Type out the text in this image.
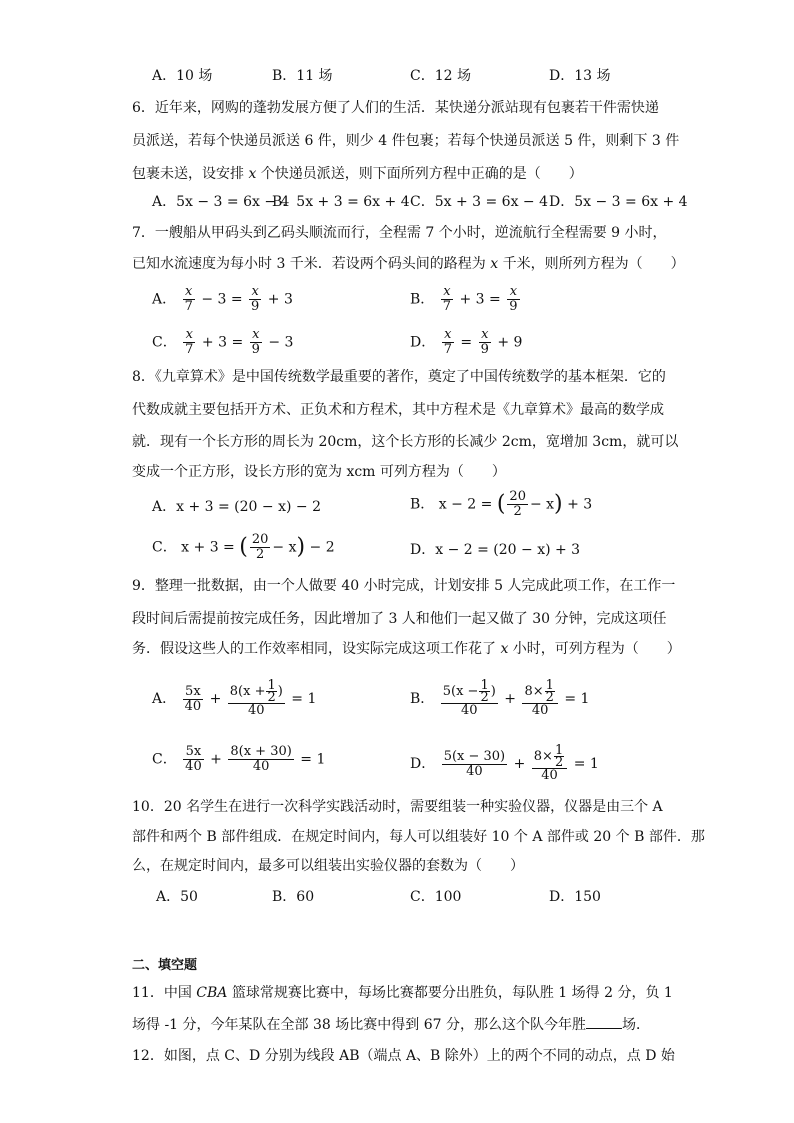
A．10 场	B．11 场	C．12 场	D．13 场
6．近年来，网购的蓬勃发展方便了人们的生活．某快递分派站现有包裹若干件需快递
员派送，若每个快递员派送 6 件，则少 4 件包裹；若每个快递员派送 5 件，则剩下 3 件
包裹未送，设安排 x 个快递员派送，则下面所列方程中正确的是（　　）
A．5x − 3 = 6x − 4
B．5x + 3 = 6x + 4 C．5x + 3 = 6x − 4 D．5x − 3 = 6x + 4
7．一艘船从甲码头到乙码头顺流而行，全程需 7 个小时，逆流航行全程需要 9 小时，
已知水流速度为每小时 3 千米．若设两个码头间的路程为 x 千米，则所列方程为（　　）
A． $\frac{x}{7} - 3 = \frac{x}{9} + 3$	B． $\frac{x}{7} + 3 = \frac{x}{9}$
C． $\frac{x}{7} + 3 = \frac{x}{9} - 3$	D． $\frac{x}{7} = \frac{x}{9} + 9$
8．《九章算术》是中国传统数学最重要的著作，奠定了中国传统数学的基本框架．它的
代数成就主要包括开方术、正负术和方程术，其中方程术是《九章算术》最高的数学成
就．现有一个长方形的周长为 20cm，这个长方形的长减少 2cm，宽增加 3cm，就可以
变成一个正方形，设长方形的宽为 xcm 可列方程为（　　）
A．x + 3 = (20 − x) − 2	B． x − 2 = ( $\frac{20}{2} - x) + 3$
C． x + 3 = ( $\frac{20}{2} - x) - 2$	D．x − 2 = (20 − x) + 3
9．整理一批数据，由一个人做要 40 小时完成，计划安排 5 人完成此项工作，在工作一
段时间后需提前按完成任务，因此增加了 3 人和他们一起又做了 30 分钟，完成这项任
务．假设这些人的工作效率相同，设实际完成这项工作花了 x 小时，可列方程为（　　）
A． $\frac{5x}{40} + \frac{8(x + \frac{1}{2} )}{40} = 1$	B． $\frac{5(x - \frac{1}{2} )}{40} + \frac{8\times \frac{1}{2}}{40} = 1$
C． $\frac{5x}{40} + \frac{8(x + 30)}{40} = 1$	D． $\frac{5(x - 30)}{40} + \frac{8\times \frac{1}{2}}{40} = 1$
10．20 名学生在进行一次科学实践活动时，需要组装一种实验仪器，仪器是由三个 A
部件和两个 B 部件组成．在规定时间内，每人可以组装好 10 个 A 部件或 20 个 B 部件．那
么，在规定时间内，最多可以组装出实验仪器的套数为（　　）
A．50	B．60	C．100	D．150
二、填空题
11．中国 CBA 篮球常规赛比赛中，每场比赛都要分出胜负，每队胜 1 场得 2 分，负 1
场得 -1 分，今年某队在全部 38 场比赛中得到 67 分，那么这个队今年胜	场．
12．如图，点 C、D 分别为线段 AB（端点 A、B 除外）上的两个不同的动点，点 D 始
